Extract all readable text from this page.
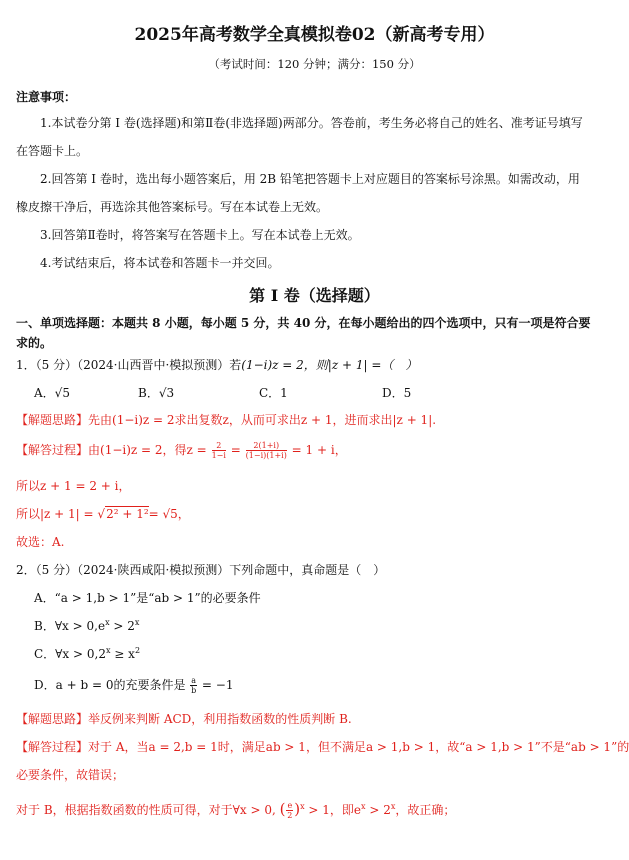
2025年高考数学全真模拟卷02（新高考专用）
（考试时间：120 分钟；满分：150 分）
注意事项：
1.本试卷分第 I 卷(选择题)和第Ⅱ卷(非选择题)两部分。答卷前，考生务必将自己的姓名、准考证号填写
在答题卡上。
2.回答第 I 卷时，选出每小题答案后，用 2B 铅笔把答题卡上对应题目的答案标号涂黑。如需改动，用
橡皮擦干净后，再选涂其他答案标号。写在本试卷上无效。
3.回答第Ⅱ卷时，将答案写在答题卡上。写在本试卷上无效。
4.考试结束后，将本试卷和答题卡一并交回。
第 I 卷（选择题）
一、单项选择题：本题共 8 小题，每小题 5 分，共 40 分，在每小题给出的四个选项中，只有一项是符合要
求的。
1．（5 分）（2024·山西晋中·模拟预测）若(1−i)z = 2，则|z + 1| =（　）
A．√5	B．√3	C．1	D．5
【解题思路】先由(1−i)z = 2求出复数z，从而可求出z + 1，进而求出|z + 1|.
【解答过程】由(1−i)z = 2，得$z = \frac{2}{1-i} = \frac{2(1+i)}{(1-i)(1+i)} = 1 + i$，
所以z + 1 = 2 + i，
所以|z + 1| = √2² + 1²= √5，
故选：A.
2．（5 分）（2024·陕西咸阳·模拟预测）下列命题中，真命题是（　）
A．“a > 1,b > 1”是“ab > 1”的必要条件
B．∀x > $0,e^x > 2^x$
C．∀x > $0,2^x \ge x^2$
D．a + b = 0的充要条件是 $\frac{a}{b} = -1$
【解题思路】举反例来判断 ACD，利用指数函数的性质判断 B.
【解答过程】对于 A，当a = 2,b = 1时，满足ab > 1，但不满足a > 1,b > 1，故“a > 1,b > 1”不是“ab > 1”的
必要条件，故错误；
对于 B，根据指数函数的性质可得，对于∀x > 0, ( $\frac{e}{2} )^x > 1$，即$e^x > 2^x$，故正确；
